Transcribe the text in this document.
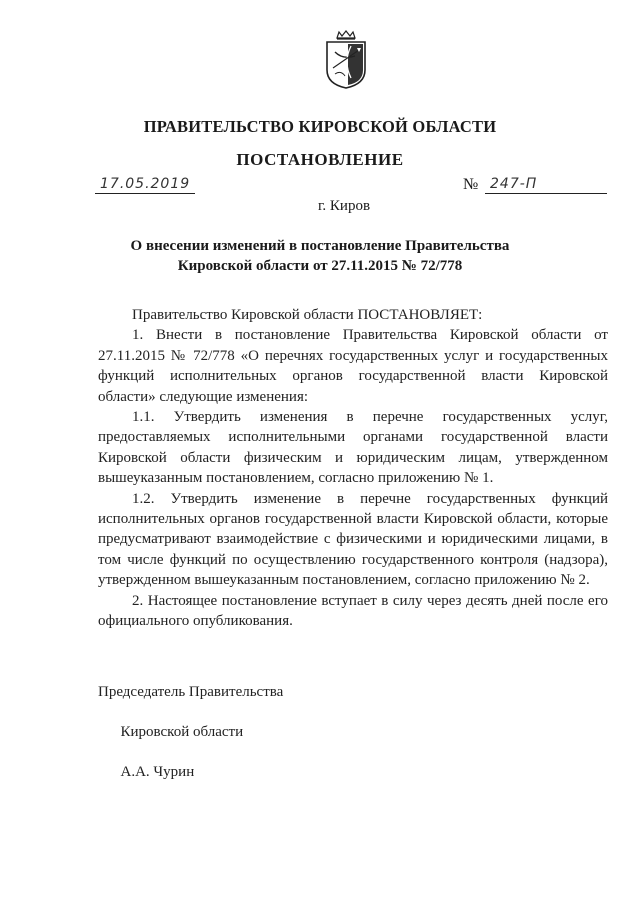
ПРАВИТЕЛЬСТВО КИРОВСКОЙ ОБЛАСТИ
ПОСТАНОВЛЕНИЕ
17.05.2019	№ 247-П
г. Киров
О внесении изменений в постановление Правительства
Кировской области от 27.11.2015 № 72/778

Правительство Кировской области ПОСТАНОВЛЯЕТ:

1. Внести в постановление Правительства Кировской области от 27.11.2015 № 72/778 «О перечнях государственных услуг и государственных функций исполнительных органов государственной власти Кировской области» следующие изменения:

1.1. Утвердить изменения в перечне государственных услуг, предоставляемых исполнительными органами государственной власти Кировской области физическим и юридическим лицам, утвержденном вышеуказанным постановлением, согласно приложению № 1.

1.2. Утвердить изменение в перечне государственных функций исполнительных органов государственной власти Кировской области, которые предусматривают взаимодействие с физическими и юридическими лицами, в том числе функций по осуществлению государственного контроля (надзора), утвержденном вышеуказанным постановлением, согласно приложению № 2.

2. Настоящее постановление вступает в силу через десять дней после его официального опубликования.

Председатель Правительства

Кировской области

А.А. Чурин
